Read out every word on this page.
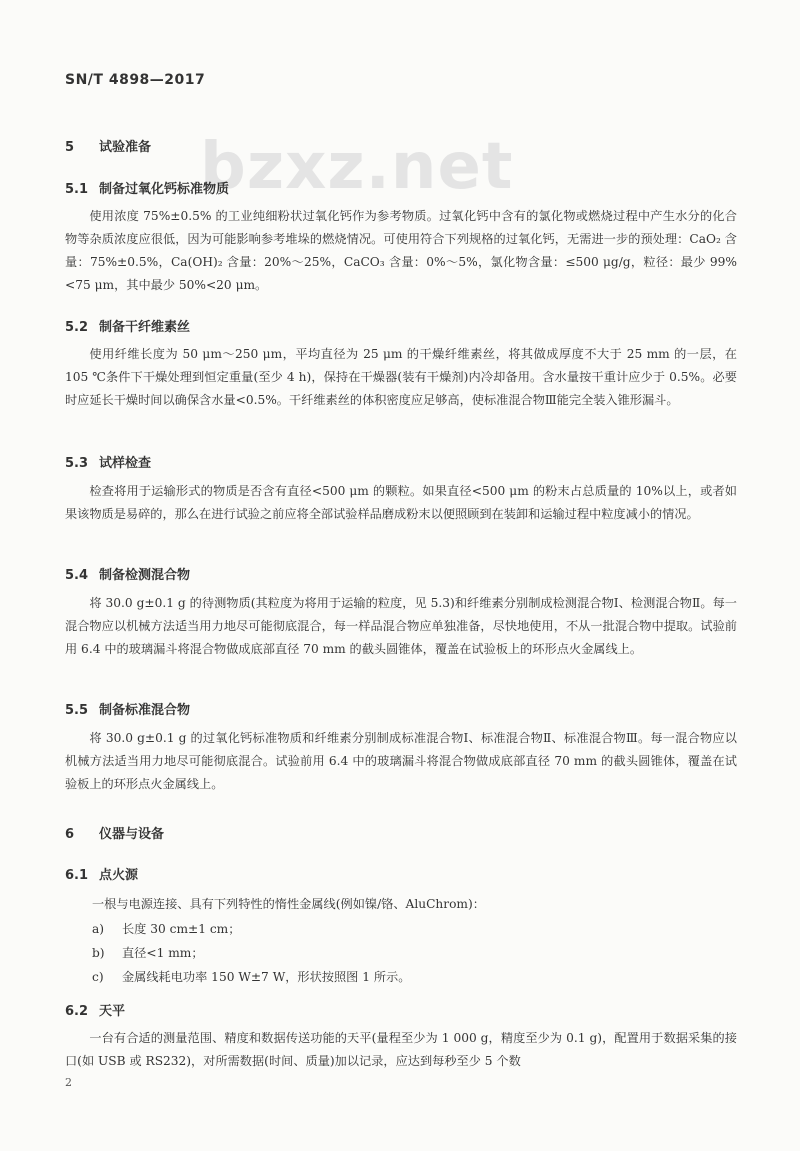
SN/T 4898—2017
bzxz.net
5 试验准备
5.1 制备过氧化钙标准物质
使用浓度 75%±0.5% 的工业纯细粉状过氧化钙作为参考物质。过氧化钙中含有的氯化物或燃烧过程中产生水分的化合物等杂质浓度应很低，因为可能影响参考堆垛的燃烧情况。可使用符合下列规格的过氧化钙，无需进一步的预处理：CaO₂ 含量：75%±0.5%，Ca(OH)₂ 含量：20%～25%，CaCO₃ 含量：0%～5%，氯化物含量：≤500 μg/g，粒径：最少 99%<75 μm，其中最少 50%<20 μm。
5.2 制备干纤维素丝
使用纤维长度为 50 μm～250 μm，平均直径为 25 μm 的干燥纤维素丝，将其做成厚度不大于 25 mm 的一层，在 105 ℃条件下干燥处理到恒定重量(至少 4 h)，保持在干燥器(装有干燥剂)内冷却备用。含水量按干重计应少于 0.5%。必要时应延长干燥时间以确保含水量<0.5%。干纤维素丝的体积密度应足够高，使标准混合物Ⅲ能完全装入锥形漏斗。
5.3 试样检查
检查将用于运输形式的物质是否含有直径<500 μm 的颗粒。如果直径<500 μm 的粉末占总质量的 10%以上，或者如果该物质是易碎的，那么在进行试验之前应将全部试验样品磨成粉末以便照顾到在装卸和运输过程中粒度减小的情况。
5.4 制备检测混合物
将 30.0 g±0.1 g 的待测物质(其粒度为将用于运输的粒度，见 5.3)和纤维素分别制成检测混合物Ⅰ、检测混合物Ⅱ。每一混合物应以机械方法适当用力地尽可能彻底混合，每一样品混合物应单独准备，尽快地使用，不从一批混合物中提取。试验前用 6.4 中的玻璃漏斗将混合物做成底部直径 70 mm 的截头圆锥体，覆盖在试验板上的环形点火金属线上。
5.5 制备标准混合物
将 30.0 g±0.1 g 的过氧化钙标准物质和纤维素分别制成标准混合物Ⅰ、标准混合物Ⅱ、标准混合物Ⅲ。每一混合物应以机械方法适当用力地尽可能彻底混合。试验前用 6.4 中的玻璃漏斗将混合物做成底部直径 70 mm 的截头圆锥体，覆盖在试验板上的环形点火金属线上。
6 仪器与设备
6.1 点火源
一根与电源连接、具有下列特性的惰性金属线(例如镍/铬、AluChrom)：
a) 长度 30 cm±1 cm；
b) 直径<1 mm；
c) 金属线耗电功率 150 W±7 W，形状按照图 1 所示。
6.2 天平
一台有合适的测量范围、精度和数据传送功能的天平(量程至少为 1 000 g，精度至少为 0.1 g)，配置用于数据采集的接口(如 USB 或 RS232)，对所需数据(时间、质量)加以记录，应达到每秒至少 5 个数
2
